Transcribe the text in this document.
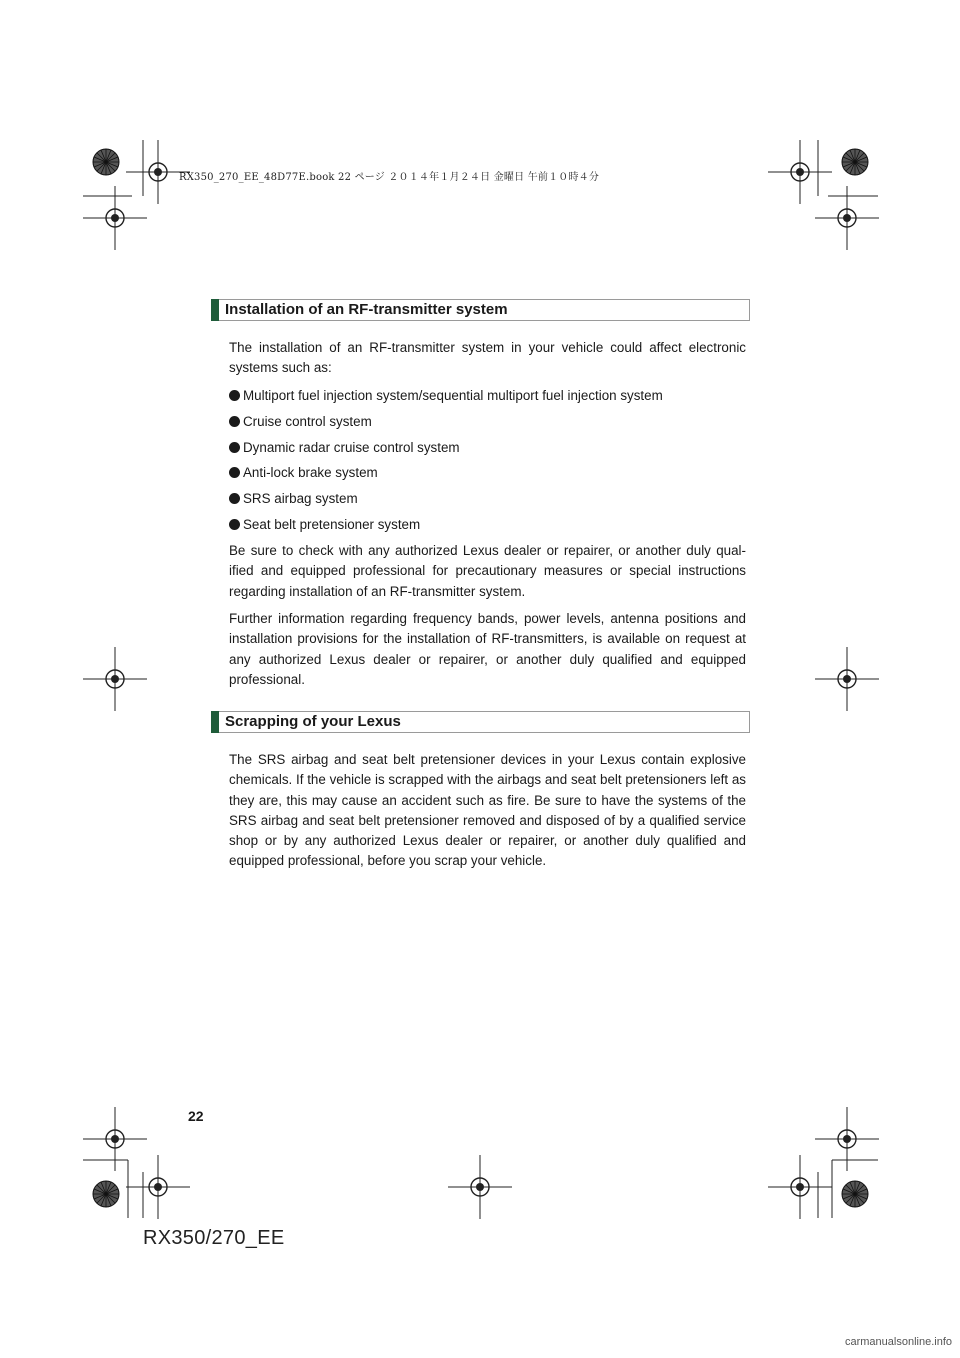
RX350_270_EE_48D77E.book 22 ページ ２０１４年１月２４日 金曜日 午前１０時４分
Installation of an RF-transmitter system
The installation of an RF-transmitter system in your vehicle could affect electronic systems such as:
Multiport fuel injection system/sequential multiport fuel injection system
Cruise control system
Dynamic radar cruise control system
Anti-lock brake system
SRS airbag system
Seat belt pretensioner system
Be sure to check with any authorized Lexus dealer or repairer, or another duly qual-ified and equipped professional for precautionary measures or special instructions regarding installation of an RF-transmitter system.
Further information regarding frequency bands, power levels, antenna positions and installation provisions for the installation of RF-transmitters, is available on request at any authorized Lexus dealer or repairer, or another duly qualified and equipped professional.
Scrapping of your Lexus
The SRS airbag and seat belt pretensioner devices in your Lexus contain explosive chemicals. If the vehicle is scrapped with the airbags and seat belt pretensioners left as they are, this may cause an accident such as fire. Be sure to have the systems of the SRS airbag and seat belt pretensioner removed and disposed of by a qualified service shop or by any authorized Lexus dealer or repairer, or another duly qualified and equipped professional, before you scrap your vehicle.
22
RX350/270_EE
carmanualsonline.info
